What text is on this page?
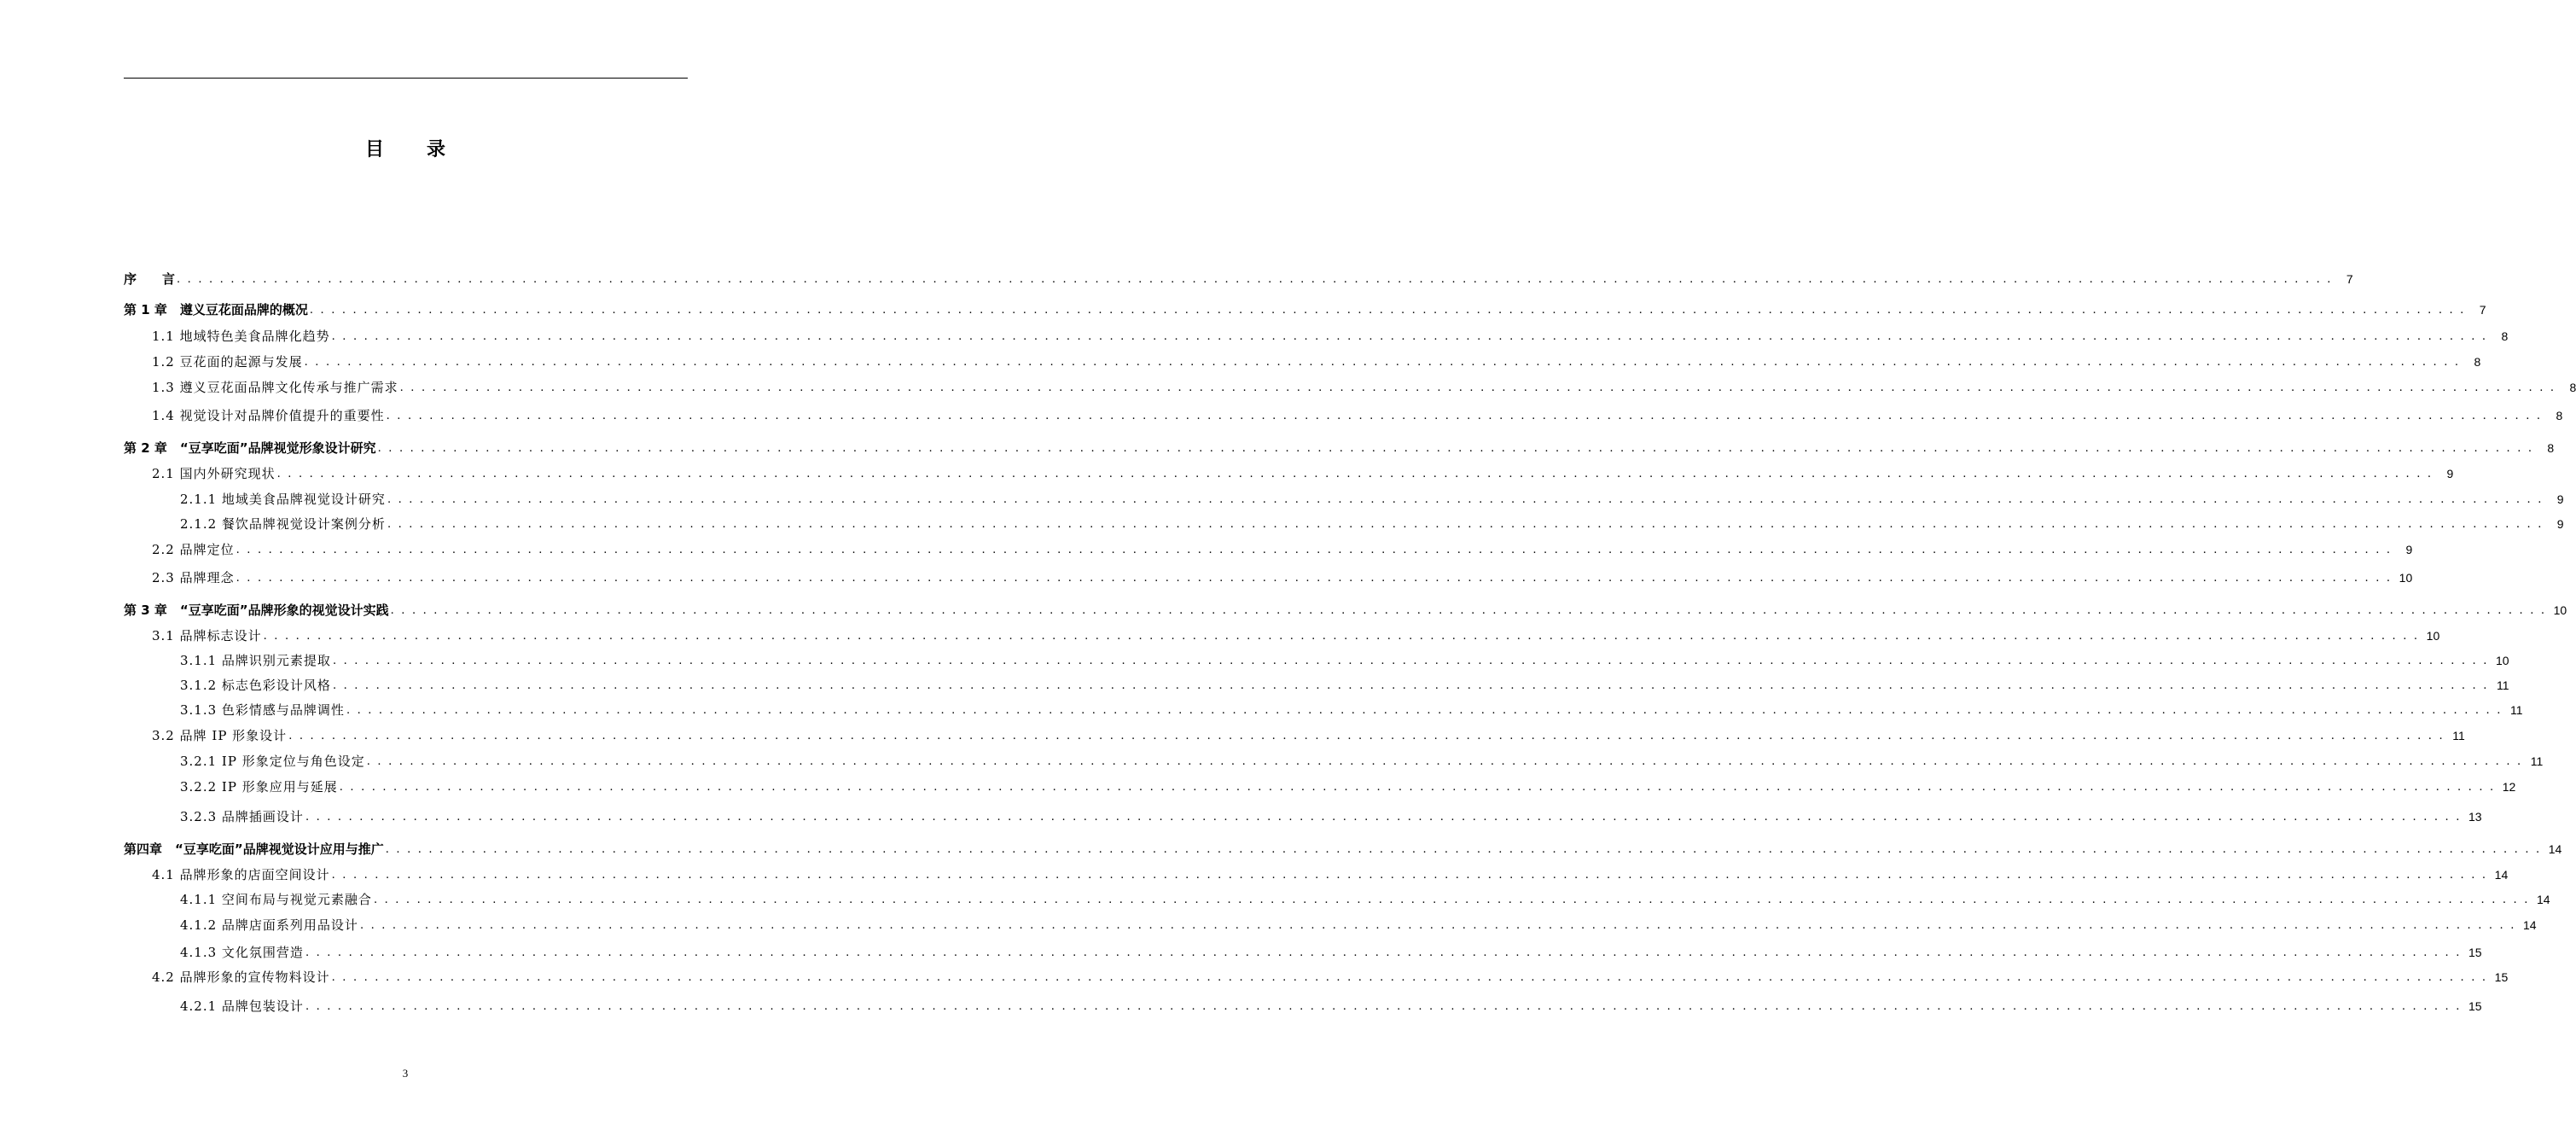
目　录
序　　言 . . . . . . . . . . . . . . . . . . . . . . . . . . . . . . . . . . . . . . . . . . . . . . . . . . . . . . . . . . . . . . . . . . . . . . . . . . . . . . . . . . . . . . . . . . . . . . . . . . . . . . . . . . . . . . . . . . . . . . . . . . . . . . . . . . . . . . . . . . . . . . . . . . . . . . . . . . . . . . . . . . . . . . . . . . . . . . . . . . . . . . . . . . . . . . . . . . . . . . . .	7
第 1 章　遵义豆花面品牌的概况 . . . . . . . . . . . . . . . . . . . . . . . . . . . . . . . . . . . . . . . . . . . . . . . . . . . . . . . . . . . . . . . . . . . . . . . . . . . . . . . . . . . . . . . . . . . . . . . . . . . . . . . . . . . . . . . . . . . . . . . . . . . . . . . . . . . . . . . . . . . . . . . . . . . . . . . . . . . . . . . . . . . . . . . . . . . . . . . . . . . . . . . . . . . . . . . . . . . . . . . .	7
1.1 地域特色美食品牌化趋势 . . . . . . . . . . . . . . . . . . . . . . . . . . . . . . . . . . . . . . . . . . . . . . . . . . . . . . . . . . . . . . . . . . . . . . . . . . . . . . . . . . . . . . . . . . . . . . . . . . . . . . . . . . . . . . . . . . . . . . . . . . . . . . . . . . . . . . . . . . . . . . . . . . . . . . . . . . . . . . . . . . . . . . . . . . . . . . . . . . . . . . . . . . . . . . . . . . . . . . . .	8
1.2 豆花面的起源与发展 . . . . . . . . . . . . . . . . . . . . . . . . . . . . . . . . . . . . . . . . . . . . . . . . . . . . . . . . . . . . . . . . . . . . . . . . . . . . . . . . . . . . . . . . . . . . . . . . . . . . . . . . . . . . . . . . . . . . . . . . . . . . . . . . . . . . . . . . . . . . . . . . . . . . . . . . . . . . . . . . . . . . . . . . . . . . . . . . . . . . . . . . . . . . . . . . . . . . . . . .	8
1.3 遵义豆花面品牌文化传承与推广需求 . . . . . . . . . . . . . . . . . . . . . . . . . . . . . . . . . . . . . . . . . . . . . . . . . . . . . . . . . . . . . . . . . . . . . . . . . . . . . . . . . . . . . . . . . . . . . . . . . . . . . . . . . . . . . . . . . . . . . . . . . . . . . . . . . . . . . . . . . . . . . . . . . . . . . . . . . . . . . . . . . . . . . . . . . . . . . . . . . . . . . . . . . . . . . . . . . . . . . . . .	8
1.4 视觉设计对品牌价值提升的重要性 . . . . . . . . . . . . . . . . . . . . . . . . . . . . . . . . . . . . . . . . . . . . . . . . . . . . . . . . . . . . . . . . . . . . . . . . . . . . . . . . . . . . . . . . . . . . . . . . . . . . . . . . . . . . . . . . . . . . . . . . . . . . . . . . . . . . . . . . . . . . . . . . . . . . . . . . . . . . . . . . . . . . . . . . . . . . . . . . . . . . . . . . . . . . . . . . . . . . . . . .	8
第 2 章　“豆享吃面”品牌视觉形象设计研究 . . . . . . . . . . . . . . . . . . . . . . . . . . . . . . . . . . . . . . . . . . . . . . . . . . . . . . . . . . . . . . . . . . . . . . . . . . . . . . . . . . . . . . . . . . . . . . . . . . . . . . . . . . . . . . . . . . . . . . . . . . . . . . . . . . . . . . . . . . . . . . . . . . . . . . . . . . . . . . . . . . . . . . . . . . . . . . . . . . . . . . . . . . . . . . . . . . . . . . . .	8
2.1 国内外研究现状 . . . . . . . . . . . . . . . . . . . . . . . . . . . . . . . . . . . . . . . . . . . . . . . . . . . . . . . . . . . . . . . . . . . . . . . . . . . . . . . . . . . . . . . . . . . . . . . . . . . . . . . . . . . . . . . . . . . . . . . . . . . . . . . . . . . . . . . . . . . . . . . . . . . . . . . . . . . . . . . . . . . . . . . . . . . . . . . . . . . . . . . . . . . . . . . . . . . . . . . .	9
2.1.1 地域美食品牌视觉设计研究 . . . . . . . . . . . . . . . . . . . . . . . . . . . . . . . . . . . . . . . . . . . . . . . . . . . . . . . . . . . . . . . . . . . . . . . . . . . . . . . . . . . . . . . . . . . . . . . . . . . . . . . . . . . . . . . . . . . . . . . . . . . . . . . . . . . . . . . . . . . . . . . . . . . . . . . . . . . . . . . . . . . . . . . . . . . . . . . . . . . . . . . . . . . . . . . . . . . . . . . .	9
2.1.2 餐饮品牌视觉设计案例分析 . . . . . . . . . . . . . . . . . . . . . . . . . . . . . . . . . . . . . . . . . . . . . . . . . . . . . . . . . . . . . . . . . . . . . . . . . . . . . . . . . . . . . . . . . . . . . . . . . . . . . . . . . . . . . . . . . . . . . . . . . . . . . . . . . . . . . . . . . . . . . . . . . . . . . . . . . . . . . . . . . . . . . . . . . . . . . . . . . . . . . . . . . . . . . . . . . . . . . . . .	9
2.2 品牌定位 . . . . . . . . . . . . . . . . . . . . . . . . . . . . . . . . . . . . . . . . . . . . . . . . . . . . . . . . . . . . . . . . . . . . . . . . . . . . . . . . . . . . . . . . . . . . . . . . . . . . . . . . . . . . . . . . . . . . . . . . . . . . . . . . . . . . . . . . . . . . . . . . . . . . . . . . . . . . . . . . . . . . . . . . . . . . . . . . . . . . . . . . . . . . . . . . . . . . . . . .	9
2.3 品牌理念 . . . . . . . . . . . . . . . . . . . . . . . . . . . . . . . . . . . . . . . . . . . . . . . . . . . . . . . . . . . . . . . . . . . . . . . . . . . . . . . . . . . . . . . . . . . . . . . . . . . . . . . . . . . . . . . . . . . . . . . . . . . . . . . . . . . . . . . . . . . . . . . . . . . . . . . . . . . . . . . . . . . . . . . . . . . . . . . . . . . . . . . . . . . . . . . . . . . . . . . . 10
第 3 章　“豆享吃面”品牌形象的视觉设计实践 . . . . . . . . . . . . . . . . . . . . . . . . . . . . . . . . . . . . . . . . . . . . . . . . . . . . . . . . . . . . . . . . . . . . . . . . . . . . . . . . . . . . . . . . . . . . . . . . . . . . . . . . . . . . . . . . . . . . . . . . . . . . . . . . . . . . . . . . . . . . . . . . . . . . . . . . . . . . . . . . . . . . . . . . . . . . . . . . . . . . . . . . . . . . . . . . . . . . . . . . 10
3.1 品牌标志设计 . . . . . . . . . . . . . . . . . . . . . . . . . . . . . . . . . . . . . . . . . . . . . . . . . . . . . . . . . . . . . . . . . . . . . . . . . . . . . . . . . . . . . . . . . . . . . . . . . . . . . . . . . . . . . . . . . . . . . . . . . . . . . . . . . . . . . . . . . . . . . . . . . . . . . . . . . . . . . . . . . . . . . . . . . . . . . . . . . . . . . . . . . . . . . . . . . . . . . . . . 10
3.1.1 品牌识别元素提取 . . . . . . . . . . . . . . . . . . . . . . . . . . . . . . . . . . . . . . . . . . . . . . . . . . . . . . . . . . . . . . . . . . . . . . . . . . . . . . . . . . . . . . . . . . . . . . . . . . . . . . . . . . . . . . . . . . . . . . . . . . . . . . . . . . . . . . . . . . . . . . . . . . . . . . . . . . . . . . . . . . . . . . . . . . . . . . . . . . . . . . . . . . . . . . . . . . . . . . . . 10
3.1.2 标志色彩设计风格 . . . . . . . . . . . . . . . . . . . . . . . . . . . . . . . . . . . . . . . . . . . . . . . . . . . . . . . . . . . . . . . . . . . . . . . . . . . . . . . . . . . . . . . . . . . . . . . . . . . . . . . . . . . . . . . . . . . . . . . . . . . . . . . . . . . . . . . . . . . . . . . . . . . . . . . . . . . . . . . . . . . . . . . . . . . . . . . . . . . . . . . . . . . . . . . . . . . . . . . . 11
3.1.3 色彩情感与品牌调性 . . . . . . . . . . . . . . . . . . . . . . . . . . . . . . . . . . . . . . . . . . . . . . . . . . . . . . . . . . . . . . . . . . . . . . . . . . . . . . . . . . . . . . . . . . . . . . . . . . . . . . . . . . . . . . . . . . . . . . . . . . . . . . . . . . . . . . . . . . . . . . . . . . . . . . . . . . . . . . . . . . . . . . . . . . . . . . . . . . . . . . . . . . . . . . . . . . . . . . . . 11
3.2 品牌 IP 形象设计 . . . . . . . . . . . . . . . . . . . . . . . . . . . . . . . . . . . . . . . . . . . . . . . . . . . . . . . . . . . . . . . . . . . . . . . . . . . . . . . . . . . . . . . . . . . . . . . . . . . . . . . . . . . . . . . . . . . . . . . . . . . . . . . . . . . . . . . . . . . . . . . . . . . . . . . . . . . . . . . . . . . . . . . . . . . . . . . . . . . . . . . . . . . . . . . . . . . . . . . . 11
3.2.1 IP 形象定位与角色设定 . . . . . . . . . . . . . . . . . . . . . . . . . . . . . . . . . . . . . . . . . . . . . . . . . . . . . . . . . . . . . . . . . . . . . . . . . . . . . . . . . . . . . . . . . . . . . . . . . . . . . . . . . . . . . . . . . . . . . . . . . . . . . . . . . . . . . . . . . . . . . . . . . . . . . . . . . . . . . . . . . . . . . . . . . . . . . . . . . . . . . . . . . . . . . . . . . . . . . . . . 11
3.2.2 IP 形象应用与延展 . . . . . . . . . . . . . . . . . . . . . . . . . . . . . . . . . . . . . . . . . . . . . . . . . . . . . . . . . . . . . . . . . . . . . . . . . . . . . . . . . . . . . . . . . . . . . . . . . . . . . . . . . . . . . . . . . . . . . . . . . . . . . . . . . . . . . . . . . . . . . . . . . . . . . . . . . . . . . . . . . . . . . . . . . . . . . . . . . . . . . . . . . . . . . . . . . . . . . . . . 12
3.2.3 品牌插画设计 . . . . . . . . . . . . . . . . . . . . . . . . . . . . . . . . . . . . . . . . . . . . . . . . . . . . . . . . . . . . . . . . . . . . . . . . . . . . . . . . . . . . . . . . . . . . . . . . . . . . . . . . . . . . . . . . . . . . . . . . . . . . . . . . . . . . . . . . . . . . . . . . . . . . . . . . . . . . . . . . . . . . . . . . . . . . . . . . . . . . . . . . . . . . . . . . . . . . . . . . 13
第四章　“豆享吃面”品牌视觉设计应用与推广 . . . . . . . . . . . . . . . . . . . . . . . . . . . . . . . . . . . . . . . . . . . . . . . . . . . . . . . . . . . . . . . . . . . . . . . . . . . . . . . . . . . . . . . . . . . . . . . . . . . . . . . . . . . . . . . . . . . . . . . . . . . . . . . . . . . . . . . . . . . . . . . . . . . . . . . . . . . . . . . . . . . . . . . . . . . . . . . . . . . . . . . . . . . . . . . . . . . . . . . . 14
4.1 品牌形象的店面空间设计 . . . . . . . . . . . . . . . . . . . . . . . . . . . . . . . . . . . . . . . . . . . . . . . . . . . . . . . . . . . . . . . . . . . . . . . . . . . . . . . . . . . . . . . . . . . . . . . . . . . . . . . . . . . . . . . . . . . . . . . . . . . . . . . . . . . . . . . . . . . . . . . . . . . . . . . . . . . . . . . . . . . . . . . . . . . . . . . . . . . . . . . . . . . . . . . . . . . . . . . . 14
4.1.1 空间布局与视觉元素融合 . . . . . . . . . . . . . . . . . . . . . . . . . . . . . . . . . . . . . . . . . . . . . . . . . . . . . . . . . . . . . . . . . . . . . . . . . . . . . . . . . . . . . . . . . . . . . . . . . . . . . . . . . . . . . . . . . . . . . . . . . . . . . . . . . . . . . . . . . . . . . . . . . . . . . . . . . . . . . . . . . . . . . . . . . . . . . . . . . . . . . . . . . . . . . . . . . . . . . . . . 14
4.1.2 品牌店面系列用品设计 . . . . . . . . . . . . . . . . . . . . . . . . . . . . . . . . . . . . . . . . . . . . . . . . . . . . . . . . . . . . . . . . . . . . . . . . . . . . . . . . . . . . . . . . . . . . . . . . . . . . . . . . . . . . . . . . . . . . . . . . . . . . . . . . . . . . . . . . . . . . . . . . . . . . . . . . . . . . . . . . . . . . . . . . . . . . . . . . . . . . . . . . . . . . . . . . . . . . . . . . 14
4.1.3 文化氛围营造 . . . . . . . . . . . . . . . . . . . . . . . . . . . . . . . . . . . . . . . . . . . . . . . . . . . . . . . . . . . . . . . . . . . . . . . . . . . . . . . . . . . . . . . . . . . . . . . . . . . . . . . . . . . . . . . . . . . . . . . . . . . . . . . . . . . . . . . . . . . . . . . . . . . . . . . . . . . . . . . . . . . . . . . . . . . . . . . . . . . . . . . . . . . . . . . . . . . . . . . . 15
4.2 品牌形象的宣传物料设计 . . . . . . . . . . . . . . . . . . . . . . . . . . . . . . . . . . . . . . . . . . . . . . . . . . . . . . . . . . . . . . . . . . . . . . . . . . . . . . . . . . . . . . . . . . . . . . . . . . . . . . . . . . . . . . . . . . . . . . . . . . . . . . . . . . . . . . . . . . . . . . . . . . . . . . . . . . . . . . . . . . . . . . . . . . . . . . . . . . . . . . . . . . . . . . . . . . . . . . . . 15
4.2.1 品牌包装设计 . . . . . . . . . . . . . . . . . . . . . . . . . . . . . . . . . . . . . . . . . . . . . . . . . . . . . . . . . . . . . . . . . . . . . . . . . . . . . . . . . . . . . . . . . . . . . . . . . . . . . . . . . . . . . . . . . . . . . . . . . . . . . . . . . . . . . . . . . . . . . . . . . . . . . . . . . . . . . . . . . . . . . . . . . . . . . . . . . . . . . . . . . . . . . . . . . . . . . . . . 15
3
